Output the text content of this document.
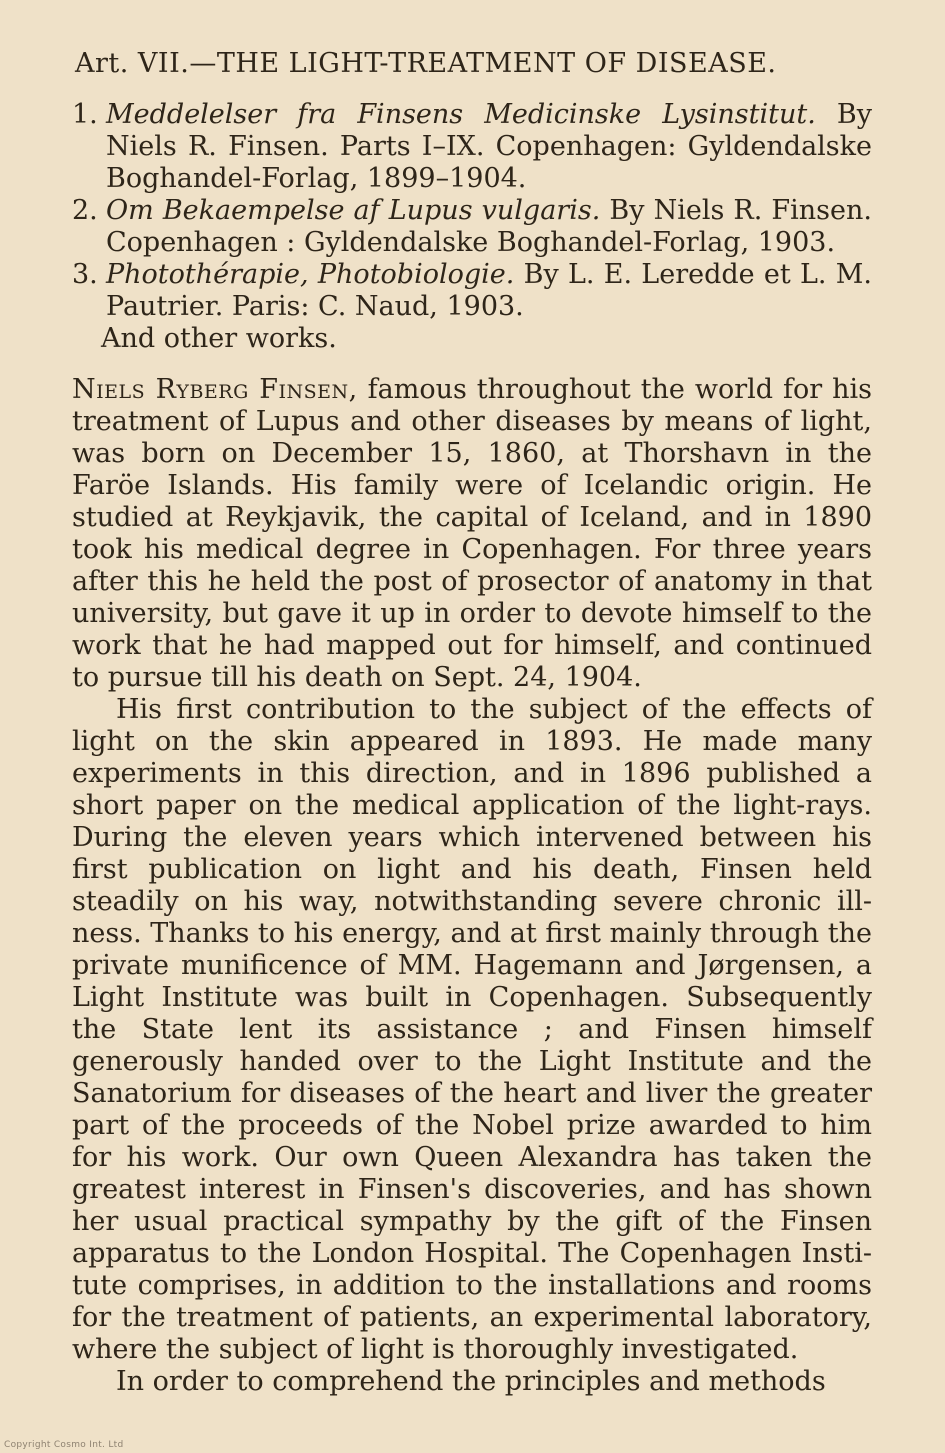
Art. VII.—THE LIGHT-TREATMENT OF DISEASE.
1. Meddelelser fra Finsens Medicinske Lysinstitut. By Niels R. Finsen. Parts I–IX. Copenhagen: Gyldendalske Boghandel-Forlag, 1899–1904.
2. Om Bekaempelse af Lupus vulgaris. By Niels R. Finsen. Copenhagen : Gyldendalske Boghandel-Forlag, 1903.
3. Photothérapie, Photobiologie. By L. E. Leredde et L. M. Pautrier. Paris: C. Naud, 1903.
And other works.

Niels Ryberg Finsen, famous throughout the world for his treatment of Lupus and other diseases by means of light, was born on December 15, 1860, at Thorshavn in the Faröe Islands. His family were of Icelandic origin. He studied at Reykjavik, the capital of Iceland, and in 1890 took his medical degree in Copenhagen. For three years after this he held the post of prosector of anatomy in that university, but gave it up in order to devote himself to the work that he had mapped out for himself, and continued to pursue till his death on Sept. 24, 1904.

His first contribution to the subject of the effects of light on the skin appeared in 1893. He made many experiments in this direction, and in 1896 published a short paper on the medical application of the light-rays. During the eleven years which intervened between his first publication on light and his death, Finsen held steadily on his way, notwithstanding severe chronic illness. Thanks to his energy, and at first mainly through the private munificence of MM. Hagemann and Jørgensen, a Light Institute was built in Copenhagen. Subsequently the State lent its assistance ; and Finsen himself generously handed over to the Light Institute and the Sanatorium for diseases of the heart and liver the greater part of the proceeds of the Nobel prize awarded to him for his work. Our own Queen Alexandra has taken the greatest interest in Finsen's discoveries, and has shown her usual practical sympathy by the gift of the Finsen apparatus to the London Hospital. The Copenhagen Institute comprises, in addition to the installations and rooms for the treatment of patients, an experimental laboratory, where the subject of light is thoroughly investigated.

In order to comprehend the principles and methods

Copyright Cosmo Int. Ltd
